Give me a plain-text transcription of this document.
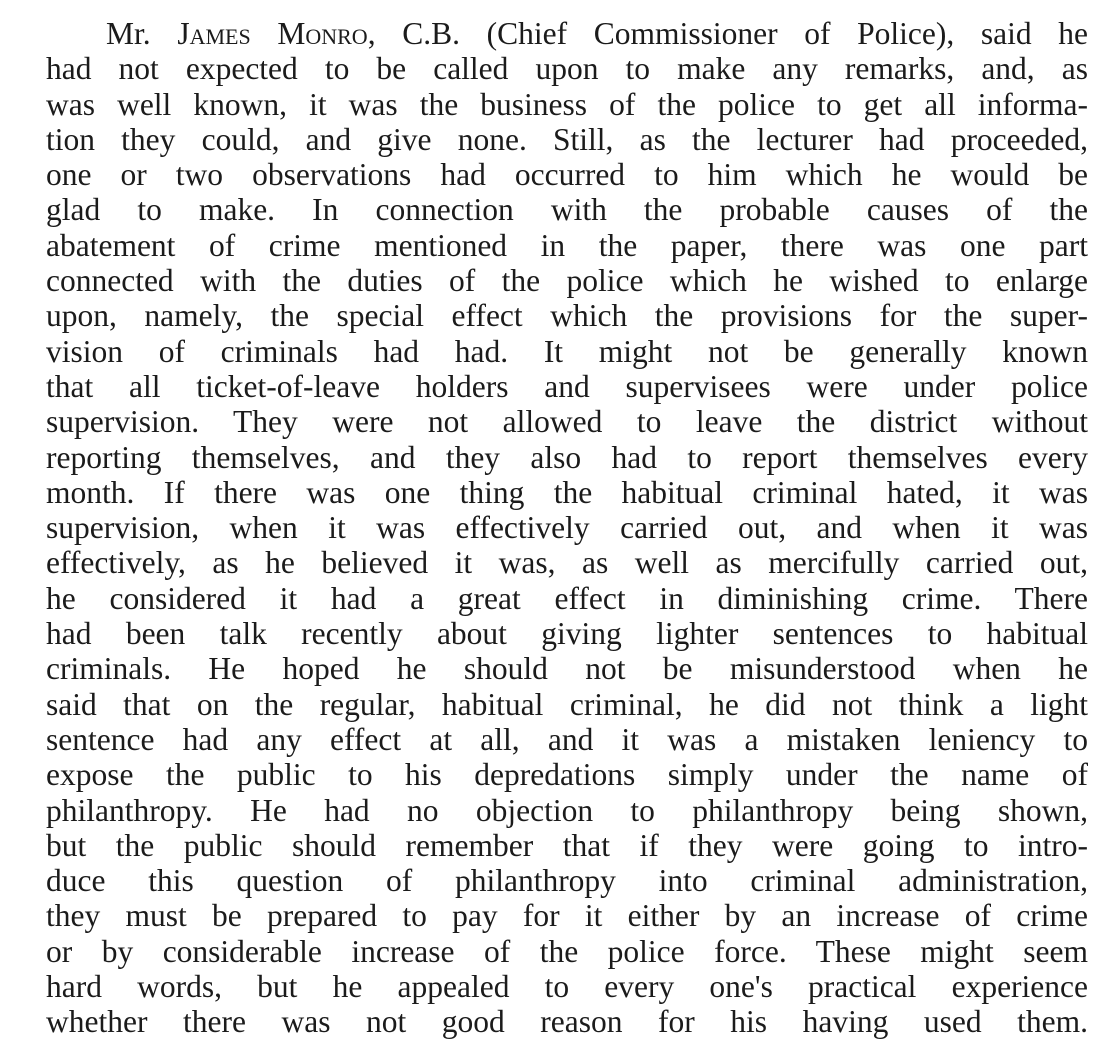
Mr. James Monro, C.B. (Chief Commissioner of Police), said he
had not expected to be called upon to make any remarks, and, as
was well known, it was the business of the police to get all informa-
tion they could, and give none. Still, as the lecturer had proceeded,
one or two observations had occurred to him which he would be
glad to make. In connection with the probable causes of the
abatement of crime mentioned in the paper, there was one part
connected with the duties of the police which he wished to enlarge
upon, namely, the special effect which the provisions for the super-
vision of criminals had had. It might not be generally known
that all ticket-of-leave holders and supervisees were under police
supervision. They were not allowed to leave the district without
reporting themselves, and they also had to report themselves every
month. If there was one thing the habitual criminal hated, it was
supervision, when it was effectively carried out, and when it was
effectively, as he believed it was, as well as mercifully carried out,
he considered it had a great effect in diminishing crime. There
had been talk recently about giving lighter sentences to habitual
criminals. He hoped he should not be misunderstood when he
said that on the regular, habitual criminal, he did not think a light
sentence had any effect at all, and it was a mistaken leniency to
expose the public to his depredations simply under the name of
philanthropy. He had no objection to philanthropy being shown,
but the public should remember that if they were going to intro-
duce this question of philanthropy into criminal administration,
they must be prepared to pay for it either by an increase of crime
or by considerable increase of the police force. These might seem
hard words, but he appealed to every one's practical experience
whether there was not good reason for his having used them.
